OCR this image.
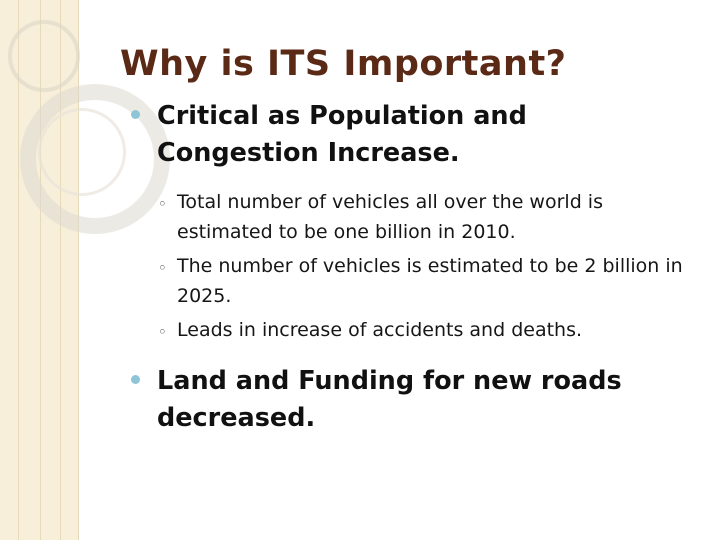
Why is ITS Important?
Critical as Population and Congestion Increase.
◦ Total number of vehicles all over the world is estimated to be one billion in 2010.
◦ The number of vehicles is estimated to be 2 billion in 2025.
◦ Leads in increase of accidents and deaths.
Land and Funding for new roads decreased.
